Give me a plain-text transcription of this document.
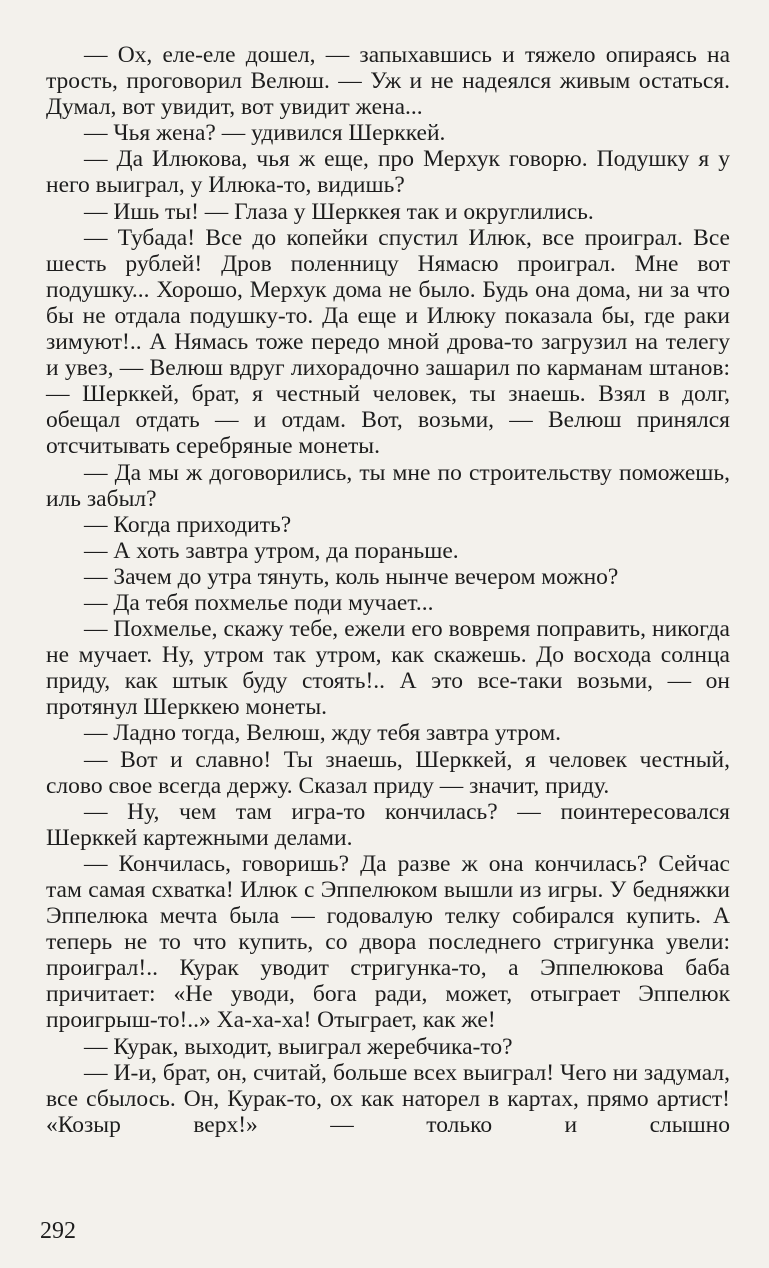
— Ох, еле-еле дошел, — запыхавшись и тяжело опираясь на трость, проговорил Велюш. — Уж и не надеялся живым остаться. Думал, вот увидит, вот увидит жена...

— Чья жена? — удивился Шерккей.

— Да Илюкова, чья ж еще, про Мерхук говорю. Подушку я у него выиграл, у Илюка-то, видишь?

— Ишь ты! — Глаза у Шерккея так и округлились.

— Тубада! Все до копейки спустил Илюк, все проиграл. Все шесть рублей! Дров поленницу Нямасю проиграл. Мне вот подушку... Хорошо, Мерхук дома не было. Будь она дома, ни за что бы не отдала подушку-то. Да еще и Илюку показала бы, где раки зимуют!.. А Нямась тоже передо мной дрова-то загрузил на телегу и увез, — Велюш вдруг лихорадочно зашарил по карманам штанов: — Шерккей, брат, я честный человек, ты знаешь. Взял в долг, обещал отдать — и отдам. Вот, возьми, — Велюш принялся отсчитывать серебряные монеты.

— Да мы ж договорились, ты мне по строительству поможешь, иль забыл?

— Когда приходить?

— А хоть завтра утром, да пораньше.

— Зачем до утра тянуть, коль нынче вечером можно?

— Да тебя похмелье поди мучает...

— Похмелье, скажу тебе, ежели его вовремя поправить, никогда не мучает. Ну, утром так утром, как скажешь. До восхода солнца приду, как штык буду стоять!.. А это все-таки возьми, — он протянул Шерккею монеты.

— Ладно тогда, Велюш, жду тебя завтра утром.

— Вот и славно! Ты знаешь, Шерккей, я человек честный, слово свое всегда держу. Сказал приду — значит, приду.

— Ну, чем там игра-то кончилась? — поинтересовался Шерккей картежными делами.

— Кончилась, говоришь? Да разве ж она кончилась? Сейчас там самая схватка! Илюк с Эппелюком вышли из игры. У бедняжки Эппелюка мечта была — годовалую телку собирался купить. А теперь не то что купить, со двора последнего стригунка увели: проиграл!.. Курак уводит стригунка-то, а Эппелюкова баба причитает: «Не уводи, бога ради, может, отыграет Эппелюк проигрыш-то!..» Ха-ха-ха! Отыграет, как же!

— Курак, выходит, выиграл жеребчика-то?

— И-и, брат, он, считай, больше всех выиграл! Чего ни задумал, все сбылось. Он, Курак-то, ох как наторел в картах, прямо артист! «Козыр верх!» — только и слышно

292
